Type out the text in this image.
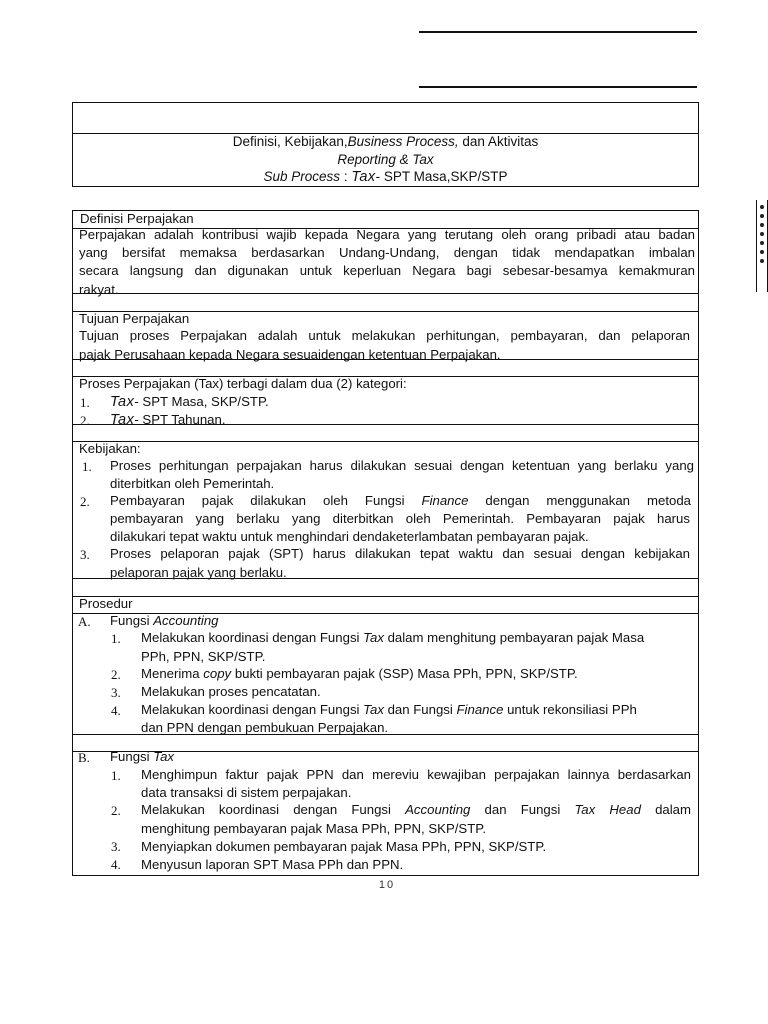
Definisi, Kebijakan,Business Process, dan Aktivitas
Reporting & Tax
Sub Process : Tax- SPT Masa,SKP/STP
Definisi Perpajakan
Perpajakan adalah kontribusi wajib kepada Negara yang terutang oleh orang pribadi atau badan
yang bersifat memaksa berdasarkan Undang-Undang, dengan tidak mendapatkan imbalan
secara langsung dan digunakan untuk keperluan Negara bagi sebesar-besamya kemakmuran
rakyat.
Tujuan Perpajakan
Tujuan proses Perpajakan adalah untuk melakukan perhitungan, pembayaran, dan pelaporan
pajak Perusahaan kepada Negara sesuaidengan ketentuan Perpajakan.
Proses Perpajakan (Tax) terbagi dalam dua (2) kategori:
1. Tax- SPT Masa, SKP/STP.
2. Tax- SPT Tahunan.
Kebijakan:
1. Proses perhitungan perpajakan harus dilakukan sesuai dengan ketentuan yang berlaku yang
diterbitkan oleh Pemerintah.
2. Pembayaran pajak dilakukan oleh Fungsi Finance dengan menggunakan metoda
pembayaran yang berlaku yang diterbitkan oleh Pemerintah. Pembayaran pajak harus
dilakukari tepat waktu untuk menghindari dendaketerlambatan pembayaran pajak.
3. Proses pelaporan pajak (SPT) harus dilakukan tepat waktu dan sesuai dengan kebijakan
pelaporan pajak yang berlaku.
Prosedur
A. Fungsi Accounting
1. Melakukan koordinasi dengan Fungsi Tax dalam menghitung pembayaran pajak Masa
PPh, PPN, SKP/STP.
2. Menerima copy bukti pembayaran pajak (SSP) Masa PPh, PPN, SKP/STP.
3. Melakukan proses pencatatan.
4. Melakukan koordinasi dengan Fungsi Tax dan Fungsi Finance untuk rekonsiliasi PPh
dan PPN dengan pembukuan Perpajakan.
B. Fungsi Tax
1. Menghimpun faktur pajak PPN dan mereviu kewajiban perpajakan lainnya berdasarkan
data transaksi di sistem perpajakan.
2. Melakukan koordinasi dengan Fungsi Accounting dan Fungsi Tax Head dalam
menghitung pembayaran pajak Masa PPh, PPN, SKP/STP.
3. Menyiapkan dokumen pembayaran pajak Masa PPh, PPN, SKP/STP.
4. Menyusun laporan SPT Masa PPh dan PPN.
10
